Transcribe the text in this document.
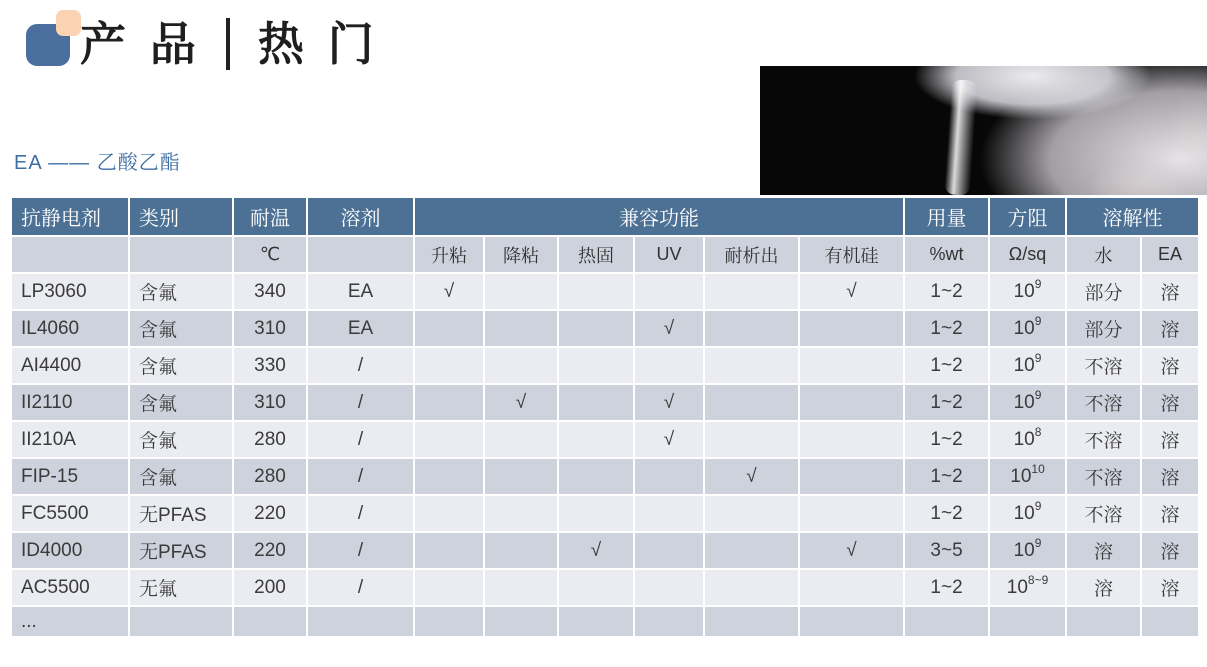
产品 热门
EA —— 乙酸乙酯
抗静电剂	类别	耐温	溶剂	兼容功能						用量	方阻	溶解性	
		℃		升粘	降粘	热固	UV	耐析出	有机硅	%wt	Ω/sq	水	EA
LP3060	含氟	340	EA	√					√	1~2	$10^9$	部分	溶
IL4060	含氟	310	EA				√			1~2	$10^9$	部分	溶
AI4400	含氟	330	/							1~2	$10^9$	不溶	溶
II2110	含氟	310	/		√		√			1~2	$10^9$	不溶	溶
II210A	含氟	280	/				√			1~2	$10^8$	不溶	溶
FIP-15	含氟	280	/					√		1~2	$10^{10}$	不溶	溶
FC5500	无PFAS	220	/							1~2	$10^9$	不溶	溶
ID4000	无PFAS	220	/			√			√	3~5	$10^9$	溶	溶
AC5500	无氟	200	/							1~2	$10^{8\sim 9}$	溶	溶
...													
